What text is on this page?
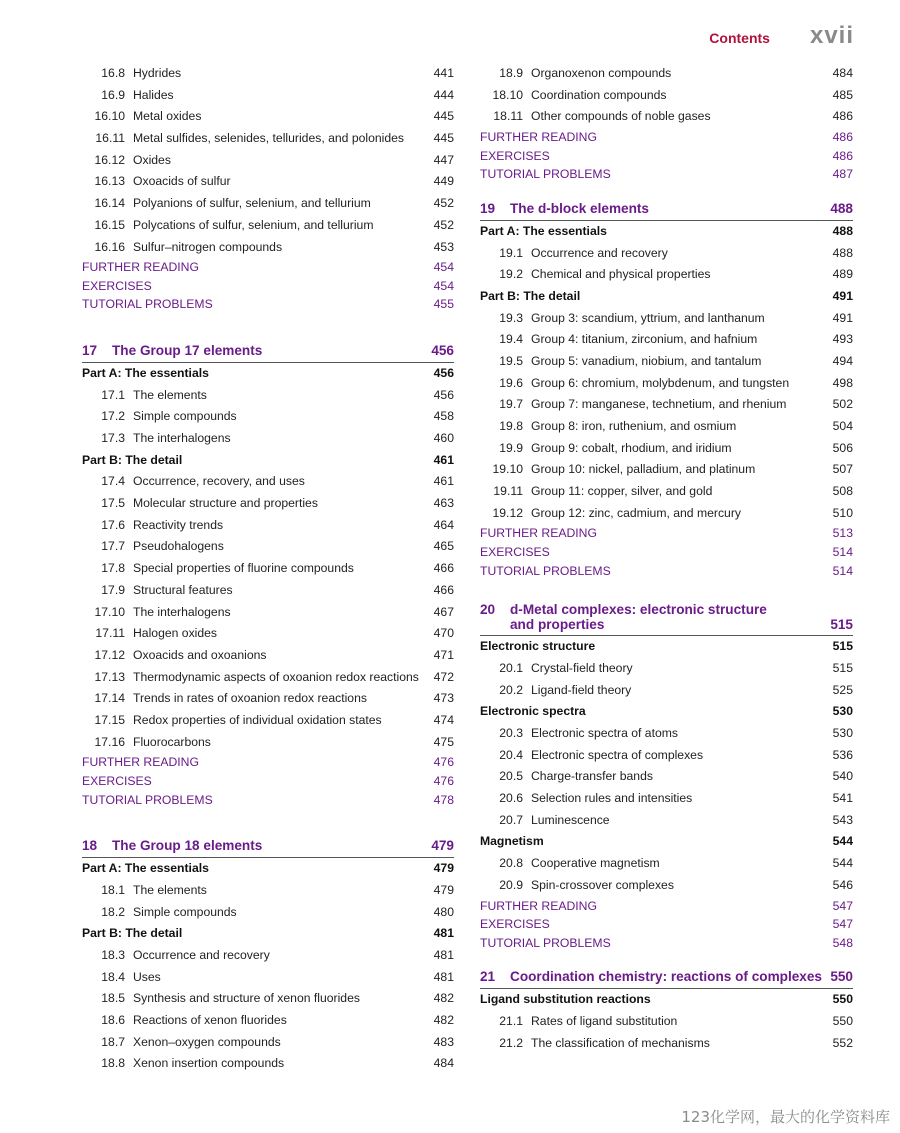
Contents xvii
16.8 Hydrides	441
16.9 Halides	444
16.10 Metal oxides	445
16.11 Metal sulfides, selenides, tellurides, and polonides 445
16.12 Oxides	447
16.13 Oxoacids of sulfur	449
16.14 Polyanions of sulfur, selenium, and tellurium	452
16.15 Polycations of sulfur, selenium, and tellurium	452
16.16 Sulfur–nitrogen compounds	453
FURTHER READING	454
EXERCISES	454
TUTORIAL PROBLEMS	455
17	The Group 17 elements	456
Part A: The essentials	456
17.1 The elements	456
17.2 Simple compounds	458
17.3 The interhalogens	460
Part B: The detail	461
17.4 Occurrence, recovery, and uses	461
17.5 Molecular structure and properties	463
17.6 Reactivity trends	464
17.7 Pseudohalogens	465
17.8 Special properties of fluorine compounds	466
17.9 Structural features	466
17.10 The interhalogens	467
17.11 Halogen oxides	470
17.12 Oxoacids and oxoanions	471
17.13 Thermodynamic aspects of oxoanion redox reactions 472
17.14 Trends in rates of oxoanion redox reactions	473
17.15 Redox properties of individual oxidation states	474
17.16 Fluorocarbons	475
FURTHER READING	476
EXERCISES	476
TUTORIAL PROBLEMS	478
18	The Group 18 elements	479
Part A: The essentials	479
18.1 The elements	479
18.2 Simple compounds	480
Part B: The detail	481
18.3 Occurrence and recovery	481
18.4 Uses	481
18.5 Synthesis and structure of xenon fluorides	482
18.6 Reactions of xenon fluorides	482
18.7 Xenon–oxygen compounds	483
18.8 Xenon insertion compounds	484
18.9 Organoxenon compounds	484
18.10 Coordination compounds	485
18.11 Other compounds of noble gases	486
FURTHER READING	486
EXERCISES	486
TUTORIAL PROBLEMS	487
19	The d-block elements	488
Part A: The essentials	488
19.1 Occurrence and recovery	488
19.2 Chemical and physical properties	489
Part B: The detail	491
19.3 Group 3: scandium, yttrium, and lanthanum	491
19.4 Group 4: titanium, zirconium, and hafnium	493
19.5 Group 5: vanadium, niobium, and tantalum	494
19.6 Group 6: chromium, molybdenum, and tungsten	498
19.7 Group 7: manganese, technetium, and rhenium	502
19.8 Group 8: iron, ruthenium, and osmium	504
19.9 Group 9: cobalt, rhodium, and iridium	506
19.10 Group 10: nickel, palladium, and platinum	507
19.11 Group 11: copper, silver, and gold	508
19.12 Group 12: zinc, cadmium, and mercury	510
FURTHER READING	513
EXERCISES	514
TUTORIAL PROBLEMS	514
20	d-Metal complexes: electronic structure
and properties	515
Electronic structure	515
20.1 Crystal-field theory	515
20.2 Ligand-field theory	525
Electronic spectra	530
20.3 Electronic spectra of atoms	530
20.4 Electronic spectra of complexes	536
20.5 Charge-transfer bands	540
20.6 Selection rules and intensities	541
20.7 Luminescence	543
Magnetism	544
20.8 Cooperative magnetism	544
20.9 Spin-crossover complexes	546
FURTHER READING	547
EXERCISES	547
TUTORIAL PROBLEMS	548
21	Coordination chemistry: reactions of complexes 550
Ligand substitution reactions	550
21.1 Rates of ligand substitution	550
21.2 The classification of mechanisms	552
123化学网，最大的化学资料库
